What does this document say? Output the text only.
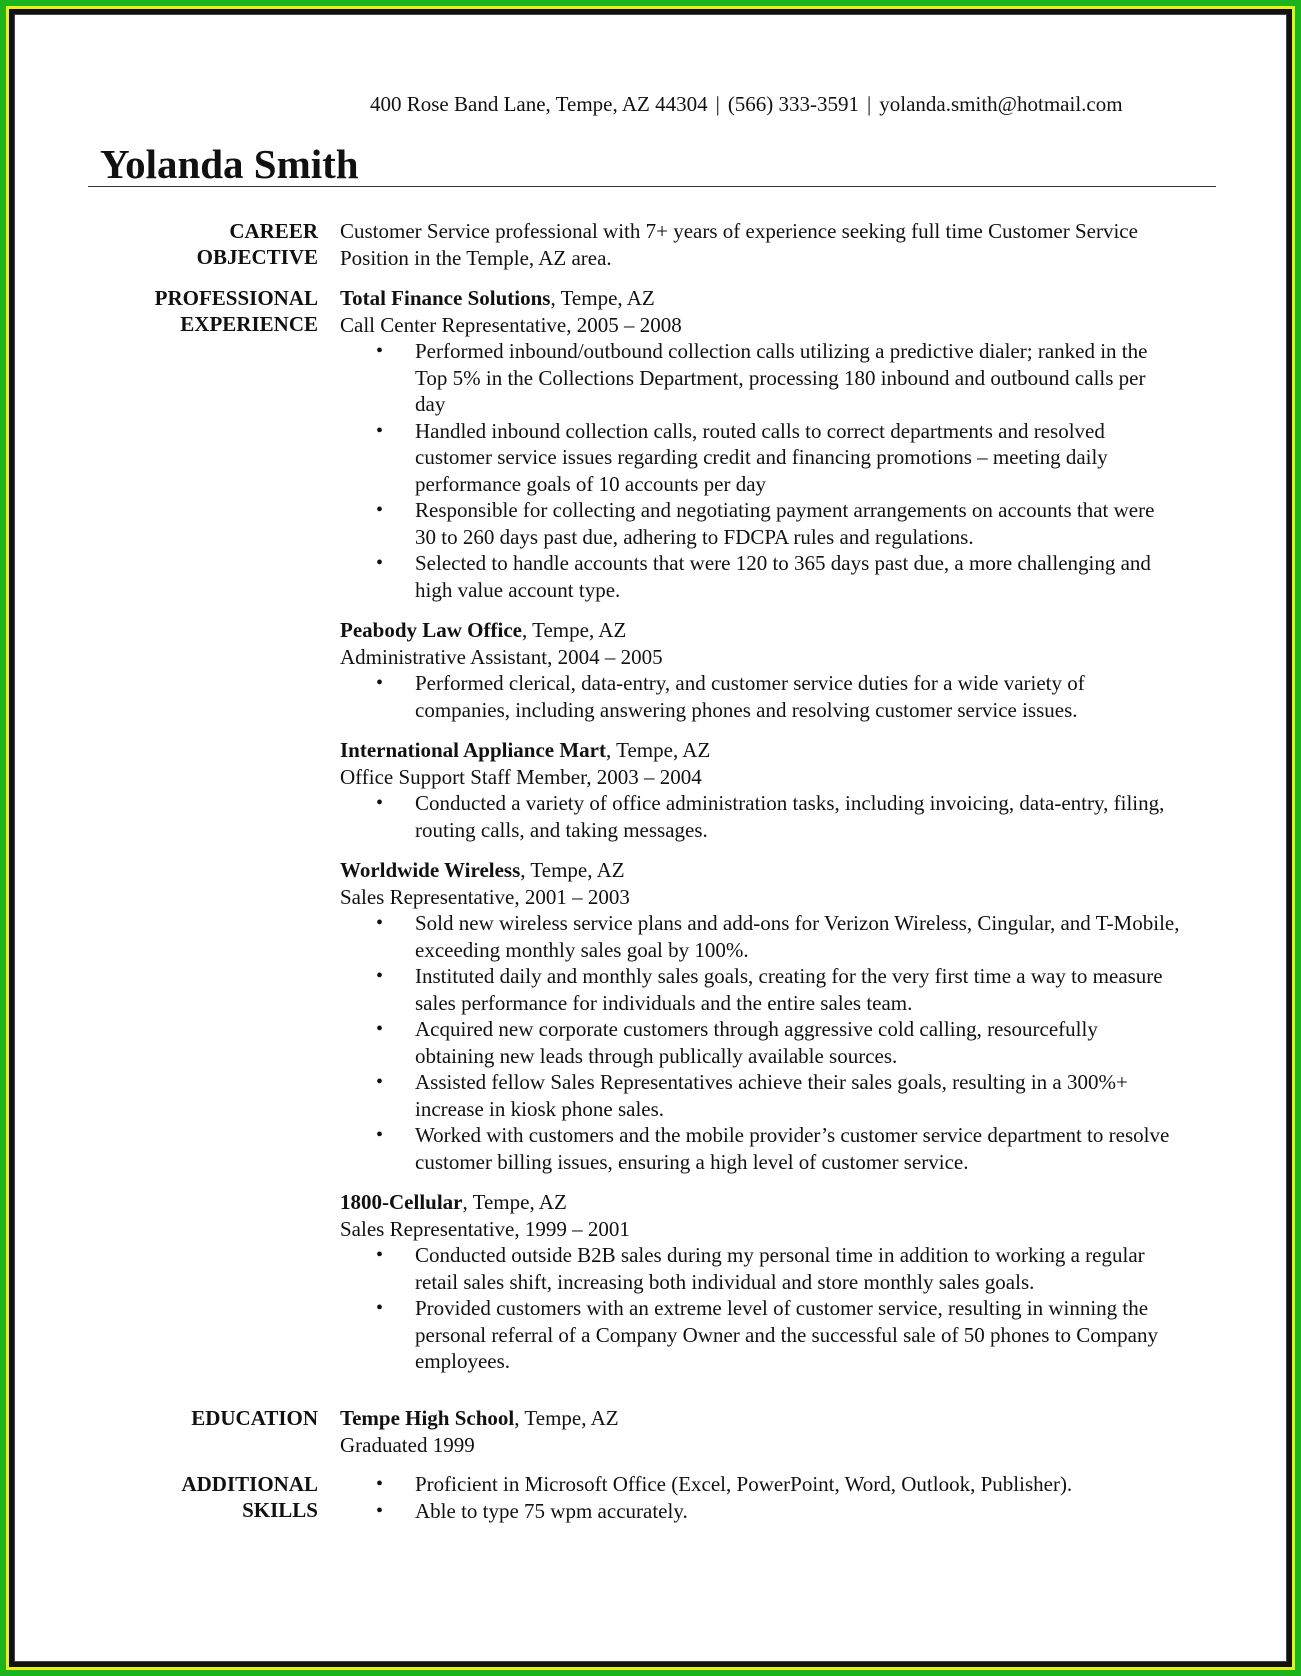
400 Rose Band Lane, Tempe, AZ 44304 | (566) 333-3591 | yolanda.smith@hotmail.com
Yolanda Smith
CAREER
OBJECTIVE
Customer Service professional with 7+ years of experience seeking full time Customer Service Position in the Temple, AZ area.
PROFESSIONAL
EXPERIENCE
Total Finance Solutions, Tempe, AZ
Call Center Representative, 2005 – 2008
• Performed inbound/outbound collection calls utilizing a predictive dialer; ranked in the Top 5% in the Collections Department, processing 180 inbound and outbound calls per day
• Handled inbound collection calls, routed calls to correct departments and resolved customer service issues regarding credit and financing promotions – meeting daily performance goals of 10 accounts per day
• Responsible for collecting and negotiating payment arrangements on accounts that were 30 to 260 days past due, adhering to FDCPA rules and regulations.
• Selected to handle accounts that were 120 to 365 days past due, a more challenging and high value account type.
Peabody Law Office, Tempe, AZ
Administrative Assistant, 2004 – 2005
• Performed clerical, data-entry, and customer service duties for a wide variety of companies, including answering phones and resolving customer service issues.
International Appliance Mart, Tempe, AZ
Office Support Staff Member, 2003 – 2004
• Conducted a variety of office administration tasks, including invoicing, data-entry, filing, routing calls, and taking messages.
Worldwide Wireless, Tempe, AZ
Sales Representative, 2001 – 2003
• Sold new wireless service plans and add-ons for Verizon Wireless, Cingular, and T-Mobile, exceeding monthly sales goal by 100%.
• Instituted daily and monthly sales goals, creating for the very first time a way to measure sales performance for individuals and the entire sales team.
• Acquired new corporate customers through aggressive cold calling, resourcefully obtaining new leads through publically available sources.
• Assisted fellow Sales Representatives achieve their sales goals, resulting in a 300%+ increase in kiosk phone sales.
• Worked with customers and the mobile provider’s customer service department to resolve customer billing issues, ensuring a high level of customer service.
1800-Cellular, Tempe, AZ
Sales Representative, 1999 – 2001
• Conducted outside B2B sales during my personal time in addition to working a regular retail sales shift, increasing both individual and store monthly sales goals.
• Provided customers with an extreme level of customer service, resulting in winning the personal referral of a Company Owner and the successful sale of 50 phones to Company employees.
EDUCATION Tempe High School, Tempe, AZ
Graduated 1999
ADDITIONAL
SKILLS
• Proficient in Microsoft Office (Excel, PowerPoint, Word, Outlook, Publisher).
• Able to type 75 wpm accurately.
